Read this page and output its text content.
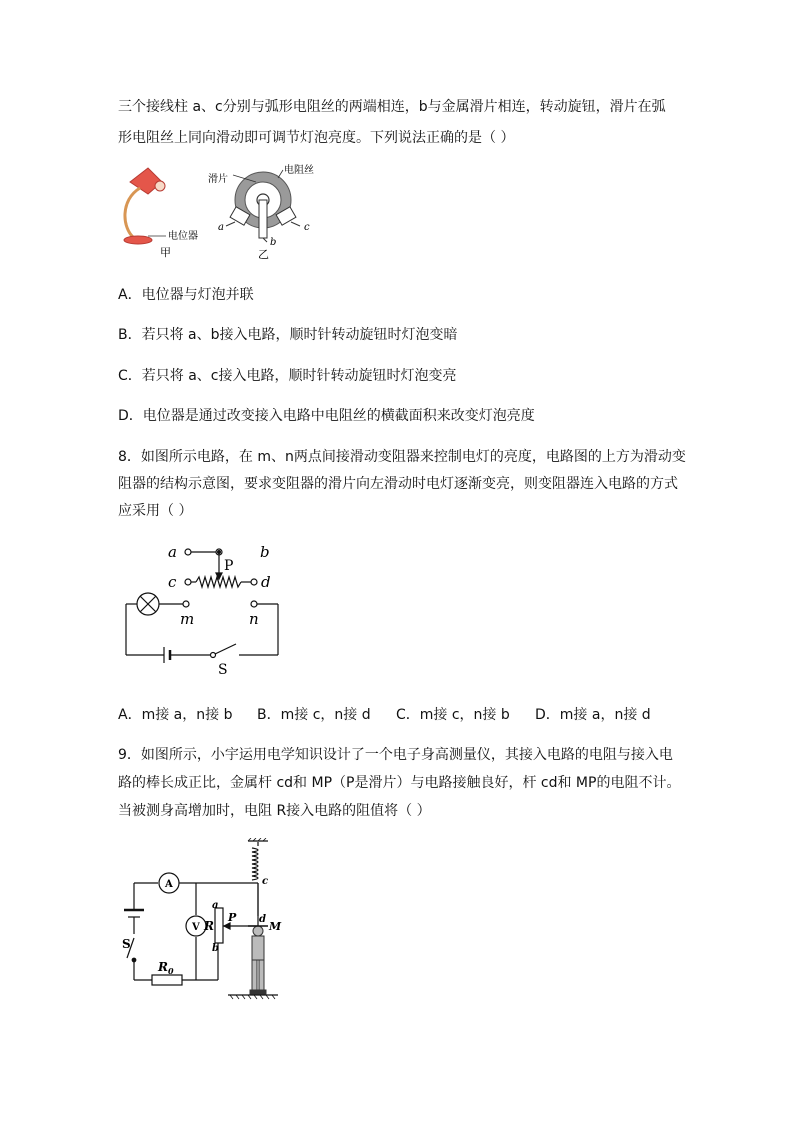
三个接线柱 a、c分别与弧形电阻丝的两端相连，b与金属滑片相连，转动旋钮，滑片在弧
形电阻丝上同向滑动即可调节灯泡亮度。下列说法正确的是（ ）
电位器
甲
滑片
电阻丝
a
b
c
乙
A．电位器与灯泡并联
B．若只将 a、b接入电路，顺时针转动旋钮时灯泡变暗
C．若只将 a、c接入电路，顺时针转动旋钮时灯泡变亮
D．电位器是通过改变接入电路中电阻丝的横截面积来改变灯泡亮度
8．如图所示电路，在 m、n两点间接滑动变阻器来控制电灯的亮度，电路图的上方为滑动变
阻器的结构示意图，要求变阻器的滑片向左滑动时电灯逐渐变亮，则变阻器连入电路的方式
应采用（ ）
a	b
c	d
m	n
P
S
A．m接 a，n接 b B．m接 c，n接 d C．m接 c，n接 b D．m接 a，n接 d
9．如图所示，小宇运用电学知识设计了一个电子身高测量仪，其接入电路的电阻与接入电
路的棒长成正比，金属杆 cd和 MP（P是滑片）与电路接触良好，杆 cd和 MP的电阻不计。
当被测身高增加时，电阻 R接入电路的阻值将（ ）
A
V
S
R
$R_0$
a
b
c
d
P
M
